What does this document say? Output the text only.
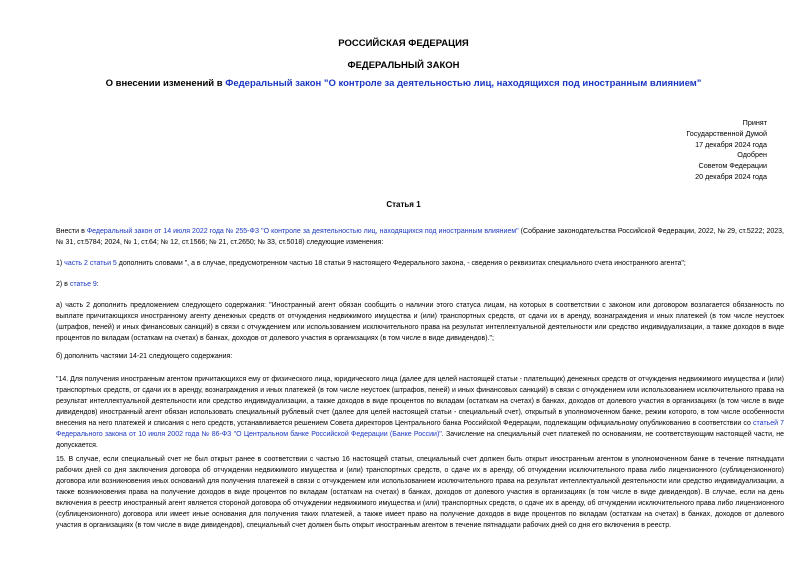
РОССИЙСКАЯ ФЕДЕРАЦИЯ
ФЕДЕРАЛЬНЫЙ ЗАКОН
О внесении изменений в Федеральный закон "О контроле за деятельностью лиц, находящихся под иностранным влиянием"
Принят
Государственной Думой
17 декабря 2024 года
Одобрен
Советом Федерации
20 декабря 2024 года
Статья 1
Внести в Федеральный закон от 14 июля 2022 года № 255-ФЗ "О контроле за деятельностью лиц, находящихся под иностранным влиянием" (Собрание законодательства Российской Федерации, 2022, № 29, ст.5222; 2023, № 31, ст.5784; 2024, № 1, ст.64; № 12, ст.1566; № 21, ст.2650; № 33, ст.5018) следующие изменения:
1) часть 2 статьи 5 дополнить словами ", а в случае, предусмотренном частью 18 статьи 9 настоящего Федерального закона, - сведения о реквизитах специального счета иностранного агента";
2) в статье 9:
а) часть 2 дополнить предложением следующего содержания: "Иностранный агент обязан сообщить о наличии этого статуса лицам, на которых в соответствии с законом или договором возлагается обязанность по выплате причитающихся иностранному агенту денежных средств от отчуждения недвижимого имущества и (или) транспортных средств, от сдачи их в аренду, вознаграждения и иных платежей (в том числе неустоек (штрафов, пеней) и иных финансовых санкций) в связи с отчуждением или использованием исключительного права на результат интеллектуальной деятельности или средство индивидуализации, а также доходов в виде процентов по вкладам (остаткам на счетах) в банках, доходов от долевого участия в организациях (в том числе в виде дивидендов).";
б) дополнить частями 14-21 следующего содержания:
"14. Для получения иностранным агентом причитающихся ему от физического лица, юридического лица (далее для целей настоящей статьи - плательщик) денежных средств от отчуждения недвижимого имущества и (или) транспортных средств, от сдачи их в аренду, вознаграждения и иных платежей (в том числе неустоек (штрафов, пеней) и иных финансовых санкций) в связи с отчуждением или использованием исключительного права на результат интеллектуальной деятельности или средство индивидуализации, а также доходов в виде процентов по вкладам (остаткам на счетах) в банках, доходов от долевого участия в организациях (в том числе в виде дивидендов) иностранный агент обязан использовать специальный рублевый счет (далее для целей настоящей статьи - специальный счет), открытый в уполномоченном банке, режим которого, в том числе особенности внесения на него платежей и списания с него средств, устанавливается решением Совета директоров Центрального банка Российской Федерации, подлежащим официальному опубликованию в соответствии со статьей 7 Федерального закона от 10 июля 2002 года № 86-ФЗ "О Центральном банке Российской Федерации (Банке России)". Зачисление на специальный счет платежей по основаниям, не соответствующим настоящей части, не допускается.
15. В случае, если специальный счет не был открыт ранее в соответствии с частью 16 настоящей статьи, специальный счет должен быть открыт иностранным агентом в уполномоченном банке в течение пятнадцати рабочих дней со дня заключения договора об отчуждении недвижимого имущества и (или) транспортных средств, о сдаче их в аренду, об отчуждении исключительного права либо лицензионного (сублицензионного) договора или возникновения иных оснований для получения платежей в связи с отчуждением или использованием исключительного права на результат интеллектуальной деятельности или средство индивидуализации, а также возникновения права на получение доходов в виде процентов по вкладам (остаткам на счетах) в банках, доходов от долевого участия в организациях (в том числе в виде дивидендов). В случае, если на день включения в реестр иностранный агент является стороной договора об отчуждении недвижимого имущества и (или) транспортных средств, о сдаче их в аренду, об отчуждении исключительного права либо лицензионного (сублицензионного) договора или имеет иные основания для получения таких платежей, а также имеет право на получение доходов в виде процентов по вкладам (остаткам на счетах) в банках, доходов от долевого участия в организациях (в том числе в виде дивидендов), специальный счет должен быть открыт иностранным агентом в течение пятнадцати рабочих дней со дня его включения в реестр.
